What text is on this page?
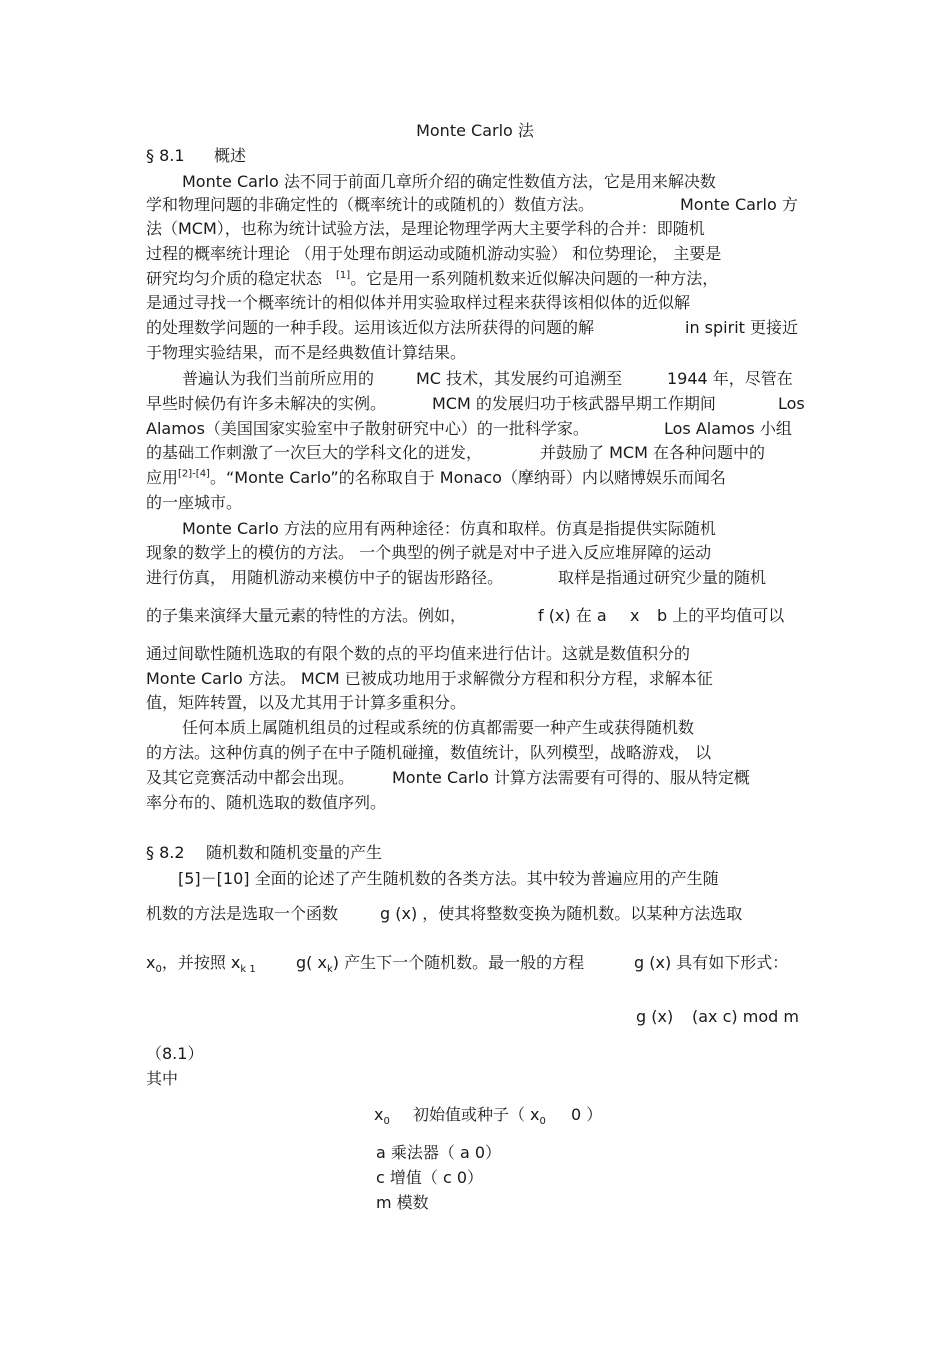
Monte Carlo 法
§ 8.1 概述
Monte Carlo 法不同于前面几章所介绍的确定性数值方法，它是用来解决数
学和物理问题的非确定性的（概率统计的或随机的）数值方法。	Monte Carlo 方
法（MCM），也称为统计试验方法，是理论物理学两大主要学科的合并：即随机
过程的概率统计理论 （用于处理布朗运动或随机游动实验） 和位势理论， 主要是
研究均匀介质的稳定状态 [1]。它是用一系列随机数来近似解决问题的一种方法，
是通过寻找一个概率统计的相似体并用实验取样过程来获得该相似体的近似解
的处理数学问题的一种手段。运用该近似方法所获得的问题的解	in spirit 更接近
于物理实验结果，而不是经典数值计算结果。
普遍认为我们当前所应用的	MC 技术，其发展约可追溯至	1944 年，尽管在
早些时候仍有许多未解决的实例。	MCM 的发展归功于核武器早期工作期间	Los
Alamos（美国国家实验室中子散射研究中心）的一批科学家。	Los Alamos 小组
的基础工作刺激了一次巨大的学科文化的迸发，	并鼓励了 MCM 在各种问题中的
应用[2]-[4]。“Monte Carlo”的名称取自于 Monaco（摩纳哥）内以赌博娱乐而闻名
的一座城市。
Monte Carlo 方法的应用有两种途径：仿真和取样。仿真是指提供实际随机
现象的数学上的模仿的方法。 一个典型的例子就是对中子进入反应堆屏障的运动
进行仿真， 用随机游动来模仿中子的锯齿形路径。	取样是指通过研究少量的随机
的子集来演绎大量元素的特性的方法。例如，	f (x) 在 a x b 上的平均值可以
通过间歇性随机选取的有限个数的点的平均值来进行估计。这就是数值积分的
Monte Carlo 方法。 MCM 已被成功地用于求解微分方程和积分方程，求解本征
值，矩阵转置，以及尤其用于计算多重积分。
任何本质上属随机组员的过程或系统的仿真都需要一种产生或获得随机数
的方法。这种仿真的例子在中子随机碰撞，数值统计，队列模型，战略游戏， 以
及其它竞赛活动中都会出现。 Monte Carlo 计算方法需要有可得的、服从特定概
率分布的、随机选取的数值序列。
§ 8.2 随机数和随机变量的产生
[5]－[10] 全面的论述了产生随机数的各类方法。其中较为普遍应用的产生随
机数的方法是选取一个函数	g (x) ，使其将整数变换为随机数。以某种方法选取
$x_0$，并按照 $x_{k 1}$	g( $x_k$) 产生下一个随机数。最一般的方程	g (x) 具有如下形式：
g (x) (ax c) mod m
（8.1）
其中
$x_0$ 初始值或种子（ $x_0$ 0 ）
a 乘法器（ a 0）
c 增值（ c 0）
m 模数
